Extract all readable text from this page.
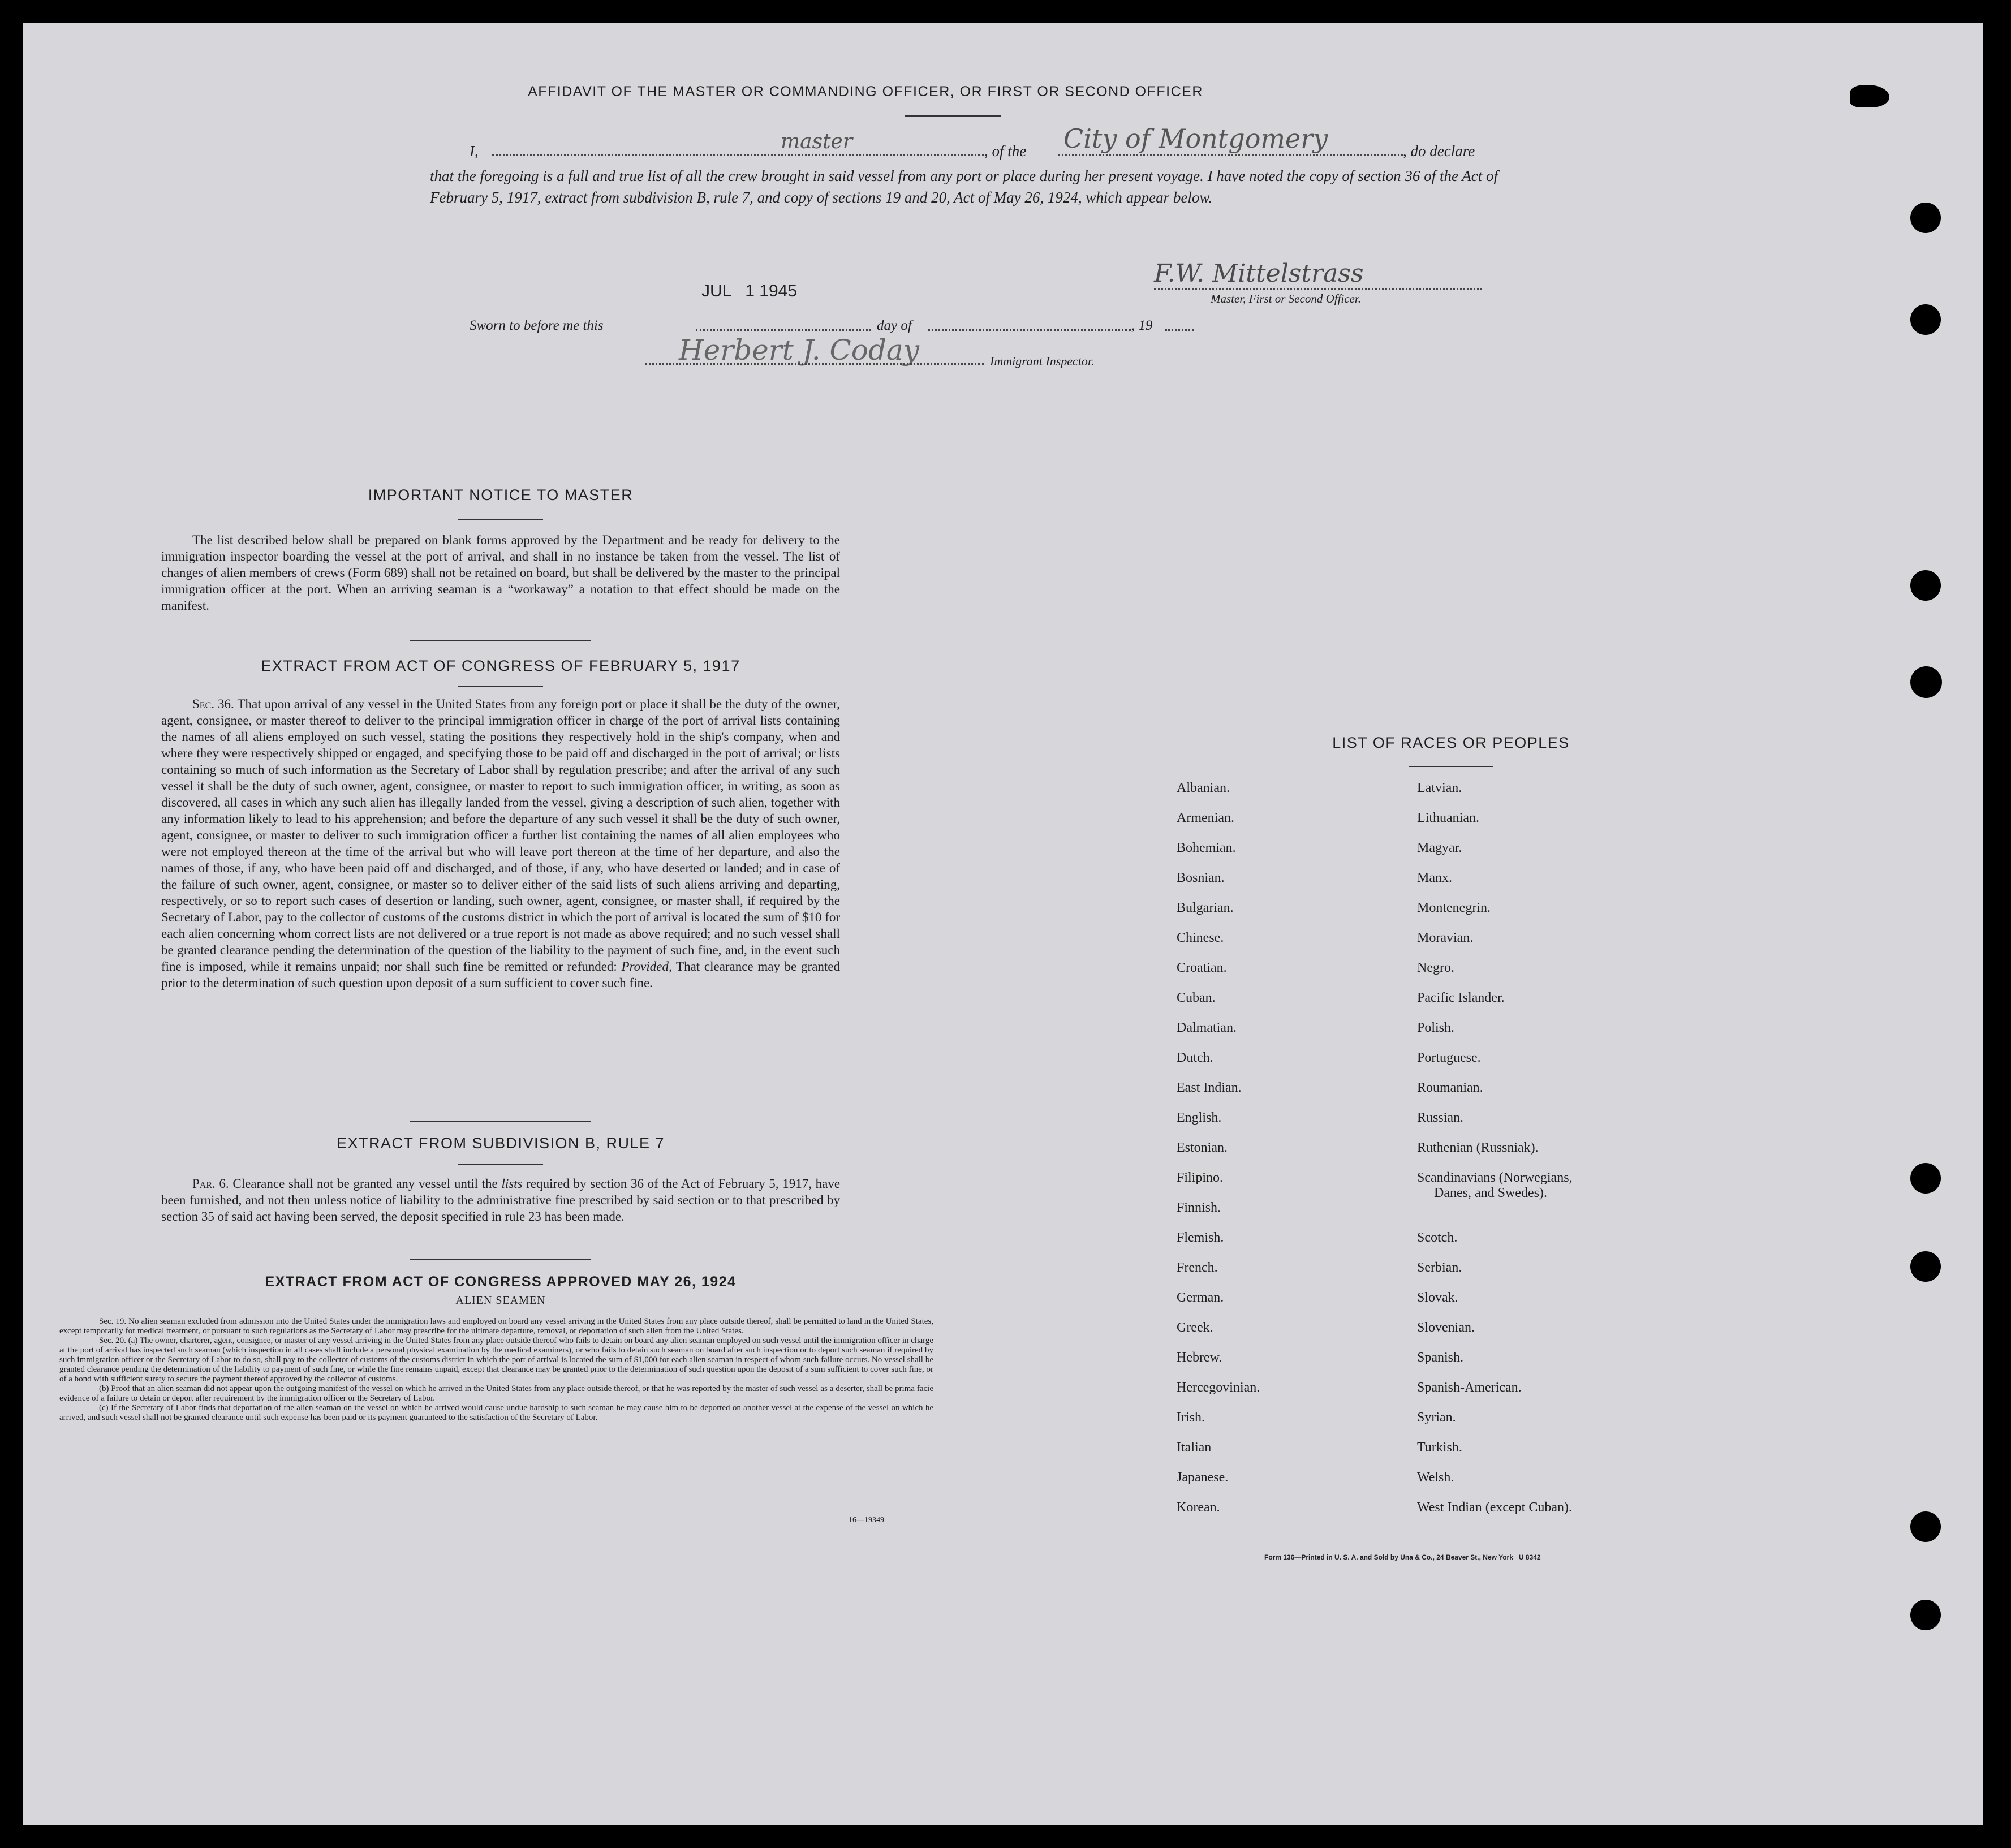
AFFIDAVIT OF THE MASTER OR COMMANDING OFFICER, OR FIRST OR SECOND OFFICER
I,	master	, of the City of Montgomery	, do declare
that the foregoing is a full and true list of all the crew brought in said vessel from any port or place during her present voyage. I have noted the copy of section 36 of the Act of February 5, 1917, extract from subdivision B, rule 7, and copy of sections 19 and 20, Act of May 26, 1924, which appear below.
F.W. Mittelstrass
Master, First or Second Officer.
JUL   1 1945
Sworn to before me this	day of	, 19
Herbert J. Coday	Immigrant Inspector.
IMPORTANT NOTICE TO MASTER
The list described below shall be prepared on blank forms approved by the Department and be ready for delivery to the immigration inspector boarding the vessel at the port of arrival, and shall in no instance be taken from the vessel. The list of changes of alien members of crews (Form 689) shall not be retained on board, but shall be delivered by the master to the principal immigration officer at the port. When an arriving seaman is a “workaway” a notation to that effect should be made on the manifest.
EXTRACT FROM ACT OF CONGRESS OF FEBRUARY 5, 1917
Sec. 36. That upon arrival of any vessel in the United States from any foreign port or place it shall be the duty of the owner, agent, consignee, or master thereof to deliver to the principal immigration officer in charge of the port of arrival lists containing the names of all aliens employed on such vessel, stating the positions they respectively hold in the ship's company, when and where they were respectively shipped or engaged, and specifying those to be paid off and discharged in the port of arrival; or lists containing so much of such information as the Secretary of Labor shall by regulation prescribe; and after the arrival of any such vessel it shall be the duty of such owner, agent, consignee, or master to report to such immigration officer, in writing, as soon as discovered, all cases in which any such alien has illegally landed from the vessel, giving a description of such alien, together with any information likely to lead to his apprehension; and before the departure of any such vessel it shall be the duty of such owner, agent, consignee, or master to deliver to such immigration officer a further list containing the names of all alien employees who were not employed thereon at the time of the arrival but who will leave port thereon at the time of her departure, and also the names of those, if any, who have been paid off and discharged, and of those, if any, who have deserted or landed; and in case of the failure of such owner, agent, consignee, or master so to deliver either of the said lists of such aliens arriving and departing, respectively, or so to report such cases of desertion or landing, such owner, agent, consignee, or master shall, if required by the Secretary of Labor, pay to the collector of customs of the customs district in which the port of arrival is located the sum of $10 for each alien concerning whom correct lists are not delivered or a true report is not made as above required; and no such vessel shall be granted clearance pending the determination of the question of the liability to the payment of such fine, and, in the event such fine is imposed, while it remains unpaid; nor shall such fine be remitted or refunded: Provided, That clearance may be granted prior to the determination of such question upon deposit of a sum sufficient to cover such fine.
EXTRACT FROM SUBDIVISION B, RULE 7
Par. 6. Clearance shall not be granted any vessel until the lists required by section 36 of the Act of February 5, 1917, have been furnished, and not then unless notice of liability to the administrative fine prescribed by said section or to that prescribed by section 35 of said act having been served, the deposit specified in rule 23 has been made.
EXTRACT FROM ACT OF CONGRESS APPROVED MAY 26, 1924
ALIEN SEAMEN
Sec. 19. No alien seaman excluded from admission into the United States under the immigration laws and employed on board any vessel arriving in the United States from any place outside thereof, shall be permitted to land in the United States, except temporarily for medical treatment, or pursuant to such regulations as the Secretary of Labor may prescribe for the ultimate departure, removal, or deportation of such alien from the United States.
Sec. 20. (a) The owner, charterer, agent, consignee, or master of any vessel arriving in the United States from any place outside thereof who fails to detain on board any alien seaman employed on such vessel until the immigration officer in charge at the port of arrival has inspected such seaman (which inspection in all cases shall include a personal physical examination by the medical examiners), or who fails to detain such seaman on board after such inspection or to deport such seaman if required by such immigration officer or the Secretary of Labor to do so, shall pay to the collector of customs of the customs district in which the port of arrival is located the sum of $1,000 for each alien seaman in respect of whom such failure occurs. No vessel shall be granted clearance pending the determination of the liability to payment of such fine, or while the fine remains unpaid, except that clearance may be granted prior to the determination of such question upon the deposit of a sum sufficient to cover such fine, or of a bond with sufficient surety to secure the payment thereof approved by the collector of customs.
(b) Proof that an alien seaman did not appear upon the outgoing manifest of the vessel on which he arrived in the United States from any place outside thereof, or that he was reported by the master of such vessel as a deserter, shall be prima facie evidence of a failure to detain or deport after requirement by the immigration officer or the Secretary of Labor.
(c) If the Secretary of Labor finds that deportation of the alien seaman on the vessel on which he arrived would cause undue hardship to such seaman he may cause him to be deported on another vessel at the expense of the vessel on which he arrived, and such vessel shall not be granted clearance until such expense has been paid or its payment guaranteed to the satisfaction of the Secretary of Labor.
16—19349
LIST OF RACES OR PEOPLES
Albanian.
Armenian.
Bohemian.
Bosnian.
Bulgarian.
Chinese.
Croatian.
Cuban.
Dalmatian.
Dutch.
East Indian.
English.
Estonian.
Filipino.
Finnish.
Flemish.
French.
German.
Greek.
Hebrew.
Hercegovinian.
Irish.
Italian
Japanese.
Korean.
Latvian.
Lithuanian.
Magyar.
Manx.
Montenegrin.
Moravian.
Negro.
Pacific Islander.
Polish.
Portuguese.
Roumanian.
Russian.
Ruthenian (Russniak).
Scandinavians (Norwegians,
Danes, and Swedes).
Scotch.
Serbian.
Slovak.
Slovenian.
Spanish.
Spanish-American.
Syrian.
Turkish.
Welsh.
West Indian (except Cuban).
Form 136—Printed in U. S. A. and Sold by Una & Co., 24 Beaver St., New York   U 8342
